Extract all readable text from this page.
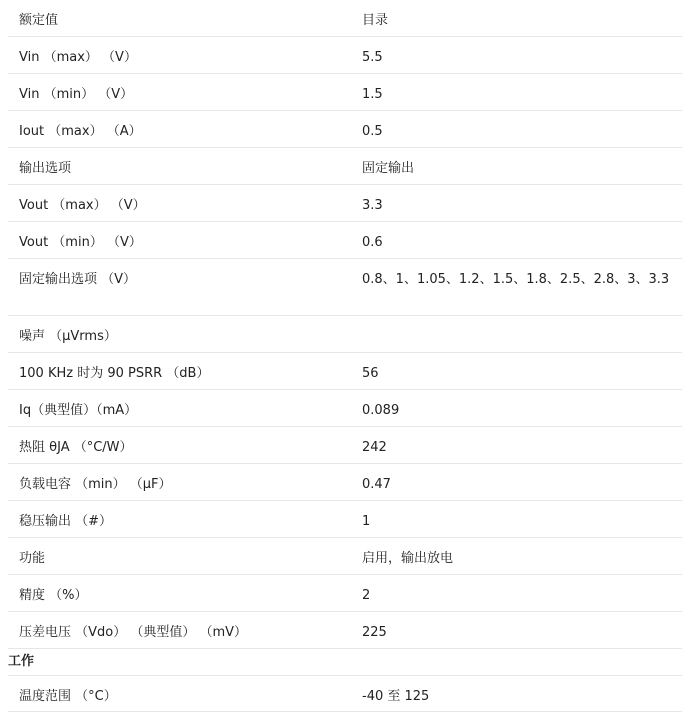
额定值	目录
Vin （max） （V）	5.5
Vin （min） （V）	1.5
Iout （max） （A）	0.5
输出选项	固定输出
Vout （max） （V）	3.3
Vout （min） （V）	0.6
固定输出选项 （V）	0.8、1、1.05、1.2、1.5、1.8、2.5、2.8、3、3.3
噪声 （μVrms）
100 KHz 时为 90 PSRR （dB）	56
Iq（典型值）（mA）	0.089
热阻 θJA （°C/W）	242
负载电容 （min） （μF）	0.47
稳压输出 （#）	1
功能	启用，输出放电
精度 （%）	2
压差电压 （Vdo） （典型值） （mV）	225
工作
温度范围 （°C）	-40 至 125
